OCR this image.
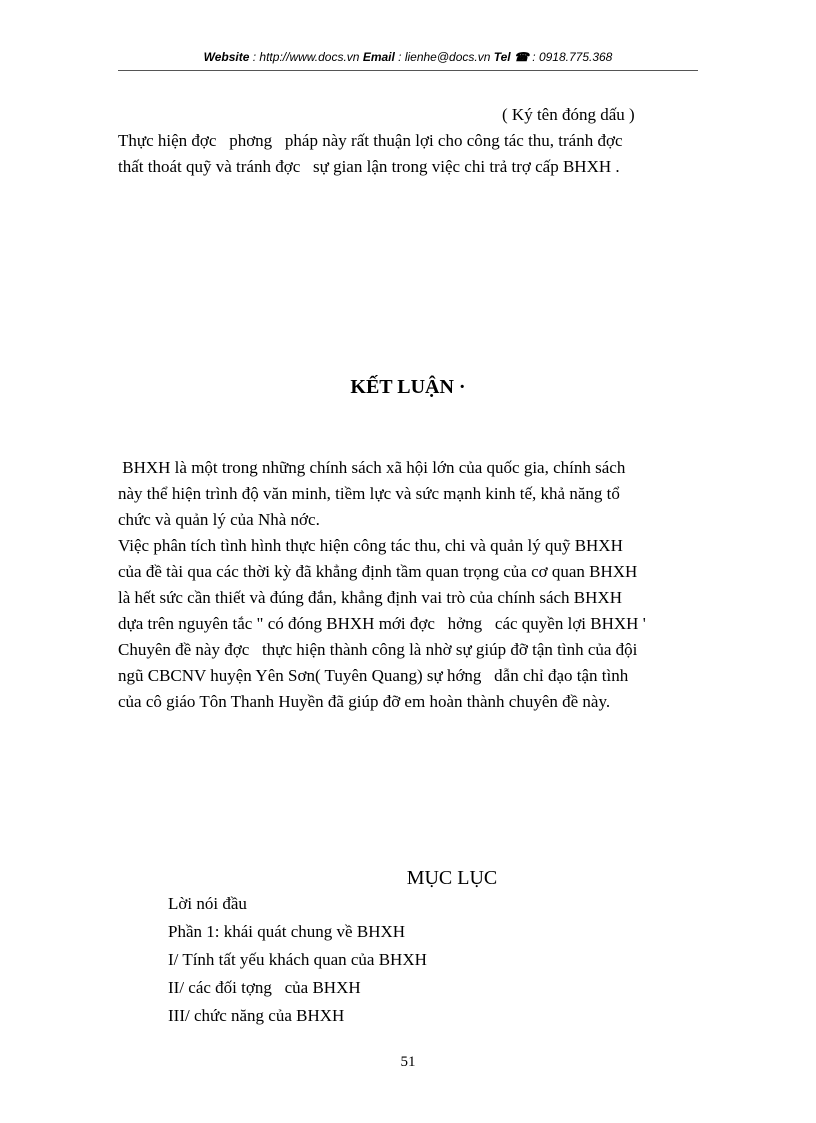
Website : http://www.docs.vn Email : lienhe@docs.vn Tel ☎ : 0918.775.368
( Ký tên đóng dấu )
Thực hiện đợc   phơng   pháp này rất thuận lợi cho công tác thu, tránh đợc
thất thoát quỹ và tránh đợc   sự gian lận trong việc chi trả trợ cấp BHXH .
KẾT LUẬN ·
BHXH là một trong những chính sách xã hội lớn của quốc gia, chính sách
này thể hiện trình độ văn minh, tiềm lực và sức mạnh kinh tế, khả năng tổ
chức và quản lý của Nhà nớc.
Việc phân tích tình hình thực hiện công tác thu, chi và quản lý quỹ BHXH
của đề tài qua các thời kỳ đã khẳng định tầm quan trọng của cơ quan BHXH
là hết sức cần thiết và đúng đắn, khẳng định vai trò của chính sách BHXH
dựa trên nguyên tắc " có đóng BHXH mới đợc   hởng   các quyền lợi BHXH '
Chuyên đề này đợc   thực hiện thành công là nhờ sự giúp đỡ tận tình của đội
ngũ CBCNV huyện Yên Sơn( Tuyên Quang) sự hớng   dẫn chỉ đạo tận tình
của cô giáo Tôn Thanh Huyền đã giúp đỡ em hoàn thành chuyên đề này.
MỤC LỤC
Lời nói đầu
Phần 1: khái quát chung về BHXH
I/ Tính tất yếu khách quan của BHXH
II/ các đối tợng   của BHXH
III/ chức năng của BHXH
51
